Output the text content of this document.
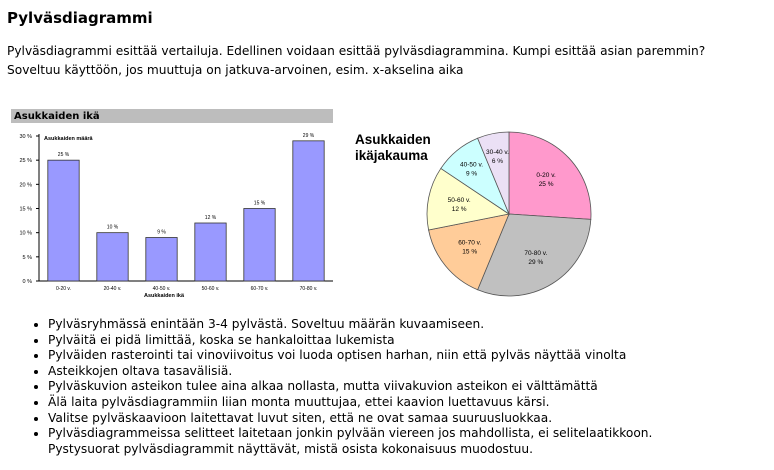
Pylväsdiagrammi
Pylväsdiagrammi esittää vertailuja. Edellinen voidaan esittää pylväsdiagrammina. Kumpi esittää asian paremmin?
Soveltuu käyttöön, jos muuttuja on jatkuva-arvoinen, esim. x-akselina aika
Asukkaiden ikä
0 %
5 %
10 %
15 %
20 %
25 %
30 % Asukkaiden määrä
25 %
0-20 v.
10 %
20-40 v.
9 %
40-50 v.
12 %
50-60 v.
15 %
60-70 v.
29 %
70-80 v.
Asukkaiden ikä
0-20 v.
25 %
70-80 v.
29 %
60-70 v.
15 %
50-60 v.
12 %
40-50 v.
9 %
30-40 v.
6 %
Asukkaiden
ikäjakauma
• Pylväsryhmässä enintään 3-4 pylvästä. Soveltuu määrän kuvaamiseen.
• Pylväitä ei pidä limittää, koska se hankaloittaa lukemista
• Pylväiden rasterointi tai vinoviivoitus voi luoda optisen harhan, niin että pylväs näyttää vinolta
• Asteikkojen oltava tasavälisiä.
• Pylväskuvion asteikon tulee aina alkaa nollasta, mutta viivakuvion asteikon ei välttämättä
• Älä laita pylväsdiagrammiin liian monta muuttujaa, ettei kaavion luettavuus kärsi.
• Valitse pylväskaavioon laitettavat luvut siten, että ne ovat samaa suuruusluokkaa.
• Pylväsdiagrammeissa selitteet laitetaan jonkin pylvään viereen jos mahdollista, ei selitelaatikkoon.
Pystysuorat pylväsdiagrammit näyttävät, mistä osista kokonaisuus muodostuu.
